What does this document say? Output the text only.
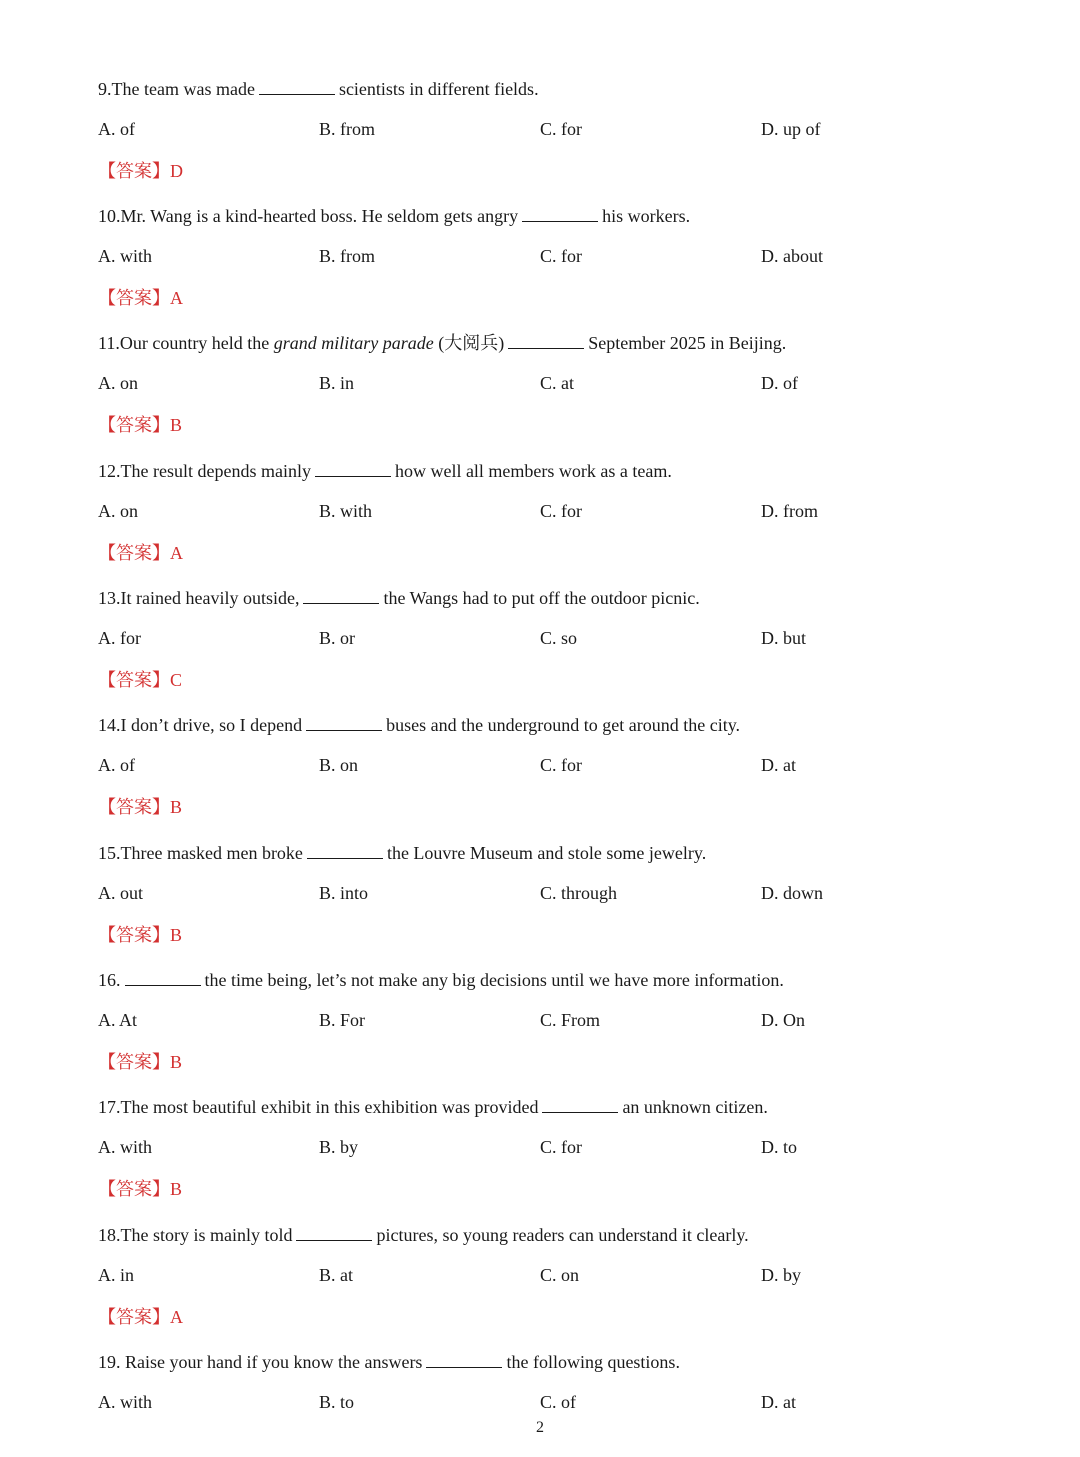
9.The team was made	scientists in different fields.
A. of	B. from	C. for	D. up of
【答案】D
10.Mr. Wang is a kind-hearted boss. He seldom gets angry	his workers.
A. with	B. from	C. for	D. about
【答案】A
11.Our country held the grand military parade (大阅兵)	September 2025 in Beijing.
A. on	B. in	C. at	D. of
【答案】B
12.The result depends mainly	how well all members work as a team.
A. on	B. with	C. for	D. from
【答案】A
13.It rained heavily outside,	the Wangs had to put off the outdoor picnic.
A. for	B. or	C. so	D. but
【答案】C
14.I don’t drive, so I depend	buses and the underground to get around the city.
A. of	B. on	C. for	D. at
【答案】B
15.Three masked men broke	the Louvre Museum and stole some jewelry.
A. out	B. into	C. through	D. down
【答案】B
16.	the time being, let’s not make any big decisions until we have more information.
A. At	B. For	C. From	D. On
【答案】B
17.The most beautiful exhibit in this exhibition was provided	an unknown citizen.
A. with	B. by	C. for	D. to
【答案】B
18.The story is mainly told	pictures, so young readers can understand it clearly.
A. in	B. at	C. on	D. by
【答案】A
19. Raise your hand if you know the answers	the following questions.
A. with	B. to	C. of	D. at
2
